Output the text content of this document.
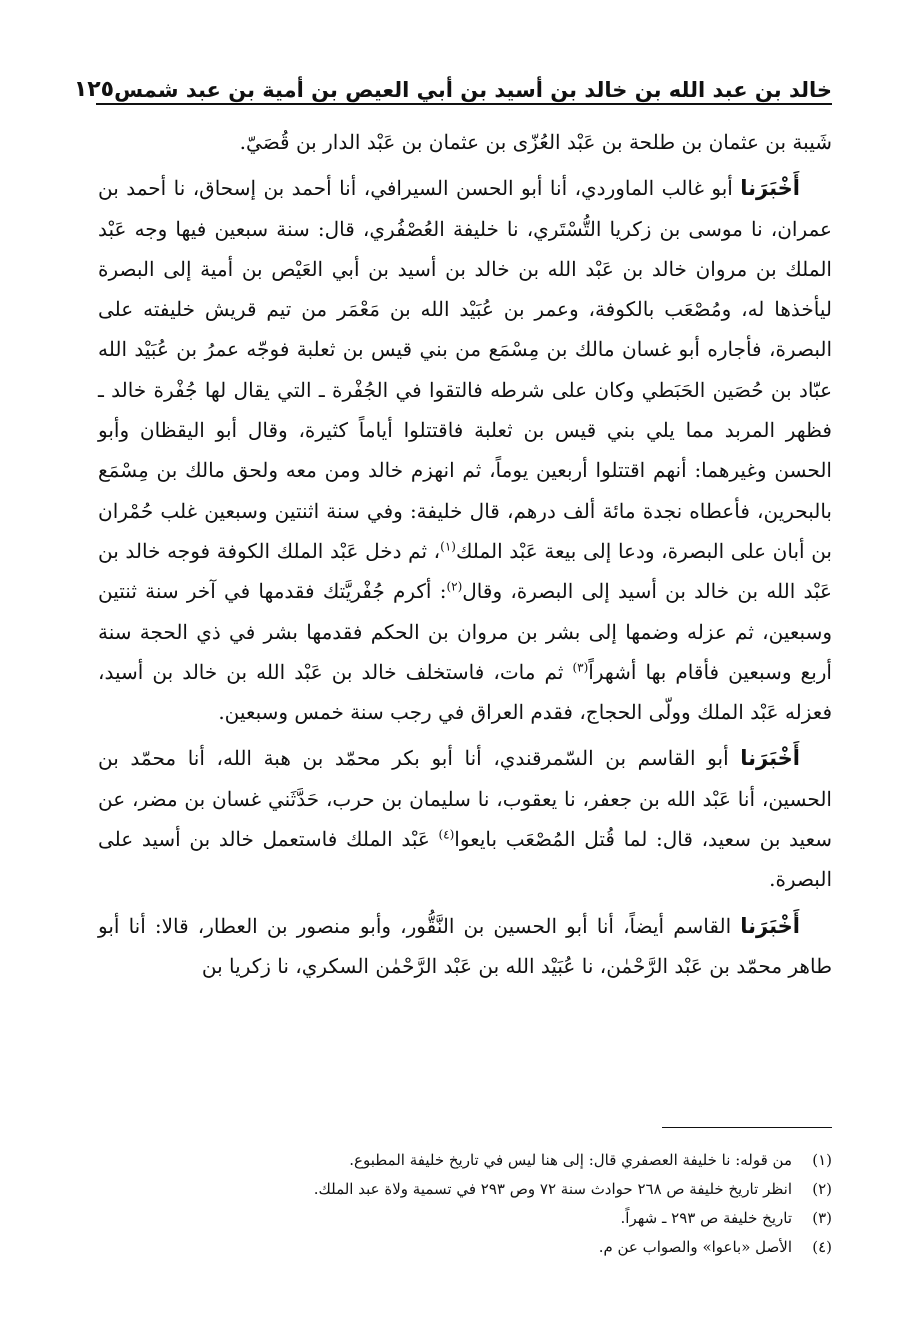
خالد بن عبد الله بن خالد بن أسيد بن أبي العيص بن أمية بن عبد شمس
١٢٥

شَيبة بن عثمان بن طلحة بن عَبْد العُزّى بن عثمان بن عَبْد الدار بن قُصَيّ.

أَخْبَرَنا أبو غالب الماوردي، أنا أبو الحسن السيرافي، أنا أحمد بن إسحاق، نا أحمد بن عمران، نا موسى بن زكريا التُّسْتَري، نا خليفة العُصْفُري، قال: سنة سبعين فيها وجه عَبْد الملك بن مروان خالد بن عَبْد الله بن خالد بن أسيد بن أبي العَيْص بن أمية إلى البصرة ليأخذها له، ومُصْعَب بالكوفة، وعمر بن عُبَيْد الله بن مَعْمَر من تيم قريش خليفته على البصرة، فأجاره أبو غسان مالك بن مِسْمَع من بني قيس بن ثعلبة فوجّه عمرُ بن عُبَيْد الله عبّاد بن حُصَين الحَبَطي وكان على شرطه فالتقوا في الجُفْرة ـ التي يقال لها جُفْرة خالد ـ فظهر المربد مما يلي بني قيس بن ثعلبة فاقتتلوا أياماً كثيرة، وقال أبو اليقظان وأبو الحسن وغيرهما: أنهم اقتتلوا أربعين يوماً، ثم انهزم خالد ومن معه ولحق مالك بن مِسْمَع بالبحرين، فأعطاه نجدة مائة ألف درهم، قال خليفة: وفي سنة اثنتين وسبعين غلب حُمْران بن أبان على البصرة، ودعا إلى بيعة عَبْد الملك$^{(١)}$، ثم دخل عَبْد الملك الكوفة فوجه خالد بن عَبْد الله بن خالد بن أسيد إلى البصرة، وقال$^{(٢)}$: أكرم جُفْريَّتك فقدمها في آخر سنة ثنتين وسبعين، ثم عزله وضمها إلى بشر بن مروان بن الحكم فقدمها بشر في ذي الحجة سنة أربع وسبعين فأقام بها أشهراً$^{(٣)}$ ثم مات، فاستخلف خالد بن عَبْد الله بن خالد بن أسيد، فعزله عَبْد الملك وولّى الحجاج، فقدم العراق في رجب سنة خمس وسبعين.

أَخْبَرَنا أبو القاسم بن السّمرقندي، أنا أبو بكر محمّد بن هبة الله، أنا محمّد بن الحسين، أنا عَبْد الله بن جعفر، نا يعقوب، نا سليمان بن حرب، حَدَّثَني غسان بن مضر، عن سعيد بن سعيد، قال: لما قُتل المُصْعَب بايعوا$^{(٤)}$ عَبْد الملك فاستعمل خالد بن أسيد على البصرة.

أَخْبَرَنا القاسم أيضاً، أنا أبو الحسين بن النَّقُّور، وأبو منصور بن العطار، قالا: أنا أبو طاهر محمّد بن عَبْد الرَّحْمٰن، نا عُبَيْد الله بن عَبْد الرَّحْمٰن السكري، نا زكريا بن

(١)
من قوله: نا خليفة العصفري قال: إلى هنا ليس في تاريخ خليفة المطبوع.
(٢)
انظر تاريخ خليفة ص ٢٦٨ حوادث سنة ٧٢ وص ٢٩٣ في تسمية ولاة عبد الملك.
(٣)
تاريخ خليفة ص ٢٩٣ ـ شهراً.
(٤)
الأصل «باعوا» والصواب عن م.
